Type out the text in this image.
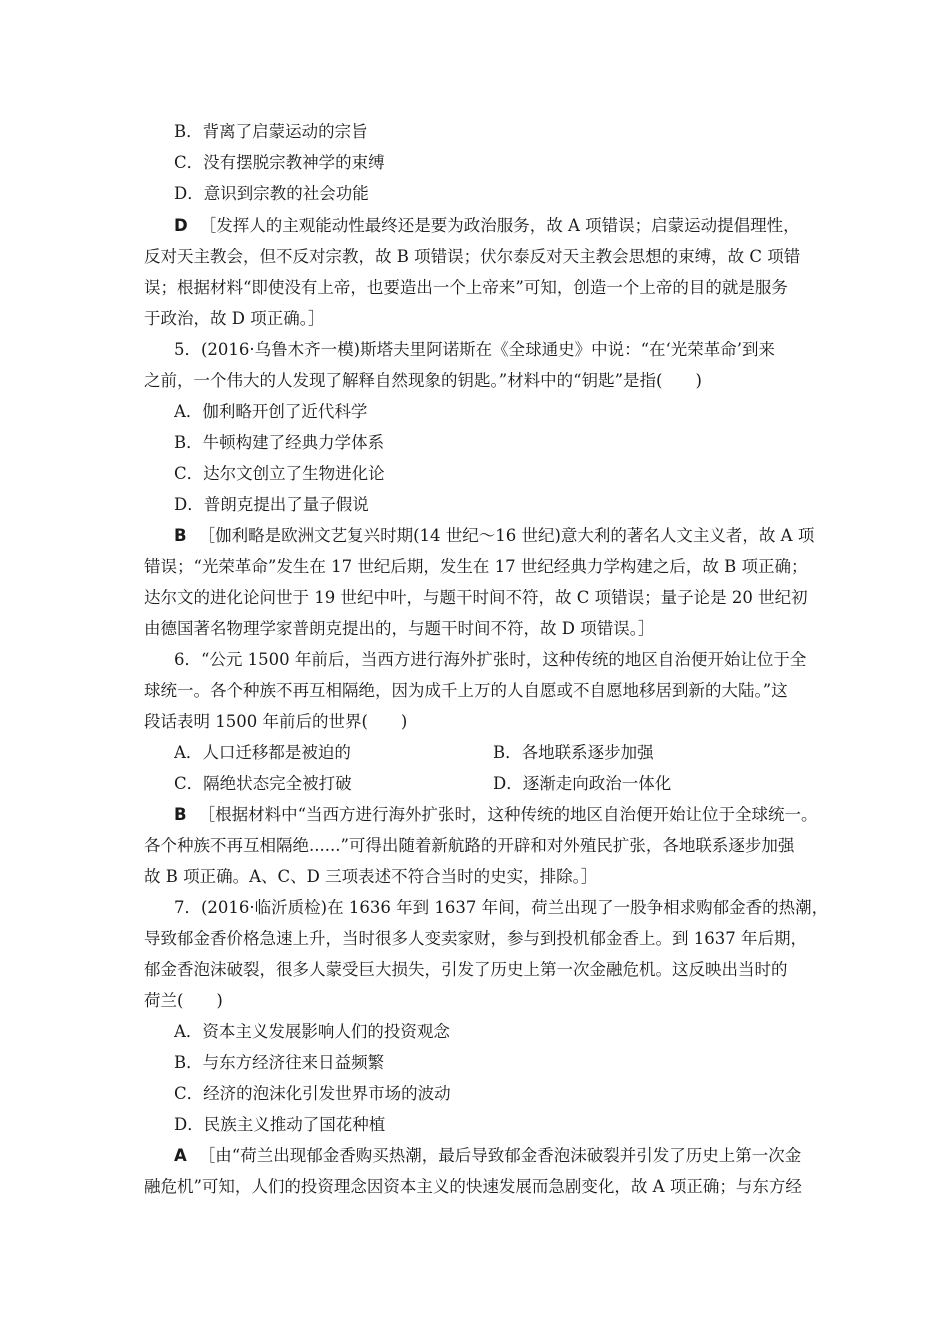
B．背离了启蒙运动的宗旨
C．没有摆脱宗教神学的束缚
D．意识到宗教的社会功能
D ［发挥人的主观能动性最终还是要为政治服务，故 A 项错误；启蒙运动提倡理性，
反对天主教会，但不反对宗教，故 B 项错误；伏尔泰反对天主教会思想的束缚，故 C 项错
误；根据材料“即使没有上帝，也要造出一个上帝来”可知，创造一个上帝的目的就是服务
于政治，故 D 项正确。］
5．(2016·乌鲁木齐一模)斯塔夫里阿诺斯在《全球通史》中说：“在‘光荣革命’到来
之前，一个伟大的人发现了解释自然现象的钥匙。”材料中的“钥匙”是指(　　)
A．伽利略开创了近代科学
B．牛顿构建了经典力学体系
C．达尔文创立了生物进化论
D．普朗克提出了量子假说
B ［伽利略是欧洲文艺复兴时期(14 世纪～16 世纪)意大利的著名人文主义者，故 A 项
错误；“光荣革命”发生在 17 世纪后期，发生在 17 世纪经典力学构建之后，故 B 项正确；
达尔文的进化论问世于 19 世纪中叶，与题干时间不符，故 C 项错误；量子论是 20 世纪初
由德国著名物理学家普朗克提出的，与题干时间不符，故 D 项错误。］
6．“公元 1500 年前后，当西方进行海外扩张时，这种传统的地区自治便开始让位于全
球统一。各个种族不再互相隔绝，因为成千上万的人自愿或不自愿地移居到新的大陆。”这
段话表明 1500 年前后的世界(　　)
A．人口迁移都是被迫的	B．各地联系逐步加强
C．隔绝状态完全被打破	D．逐渐走向政治一体化
B ［根据材料中“当西方进行海外扩张时，这种传统的地区自治便开始让位于全球统一。
各个种族不再互相隔绝......”可得出随着新航路的开辟和对外殖民扩张，各地联系逐步加强
故 B 项正确。A、C、D 三项表述不符合当时的史实，排除。］
7．(2016·临沂质检)在 1636 年到 1637 年间，荷兰出现了一股争相求购郁金香的热潮，
导致郁金香价格急速上升，当时很多人变卖家财，参与到投机郁金香上。到 1637 年后期，
郁金香泡沫破裂，很多人蒙受巨大损失，引发了历史上第一次金融危机。这反映出当时的
荷兰(　　)
A．资本主义发展影响人们的投资观念
B．与东方经济往来日益频繁
C．经济的泡沫化引发世界市场的波动
D．民族主义推动了国花种植
A ［由“荷兰出现郁金香购买热潮，最后导致郁金香泡沫破裂并引发了历史上第一次金
融危机”可知，人们的投资理念因资本主义的快速发展而急剧变化，故 A 项正确；与东方经
